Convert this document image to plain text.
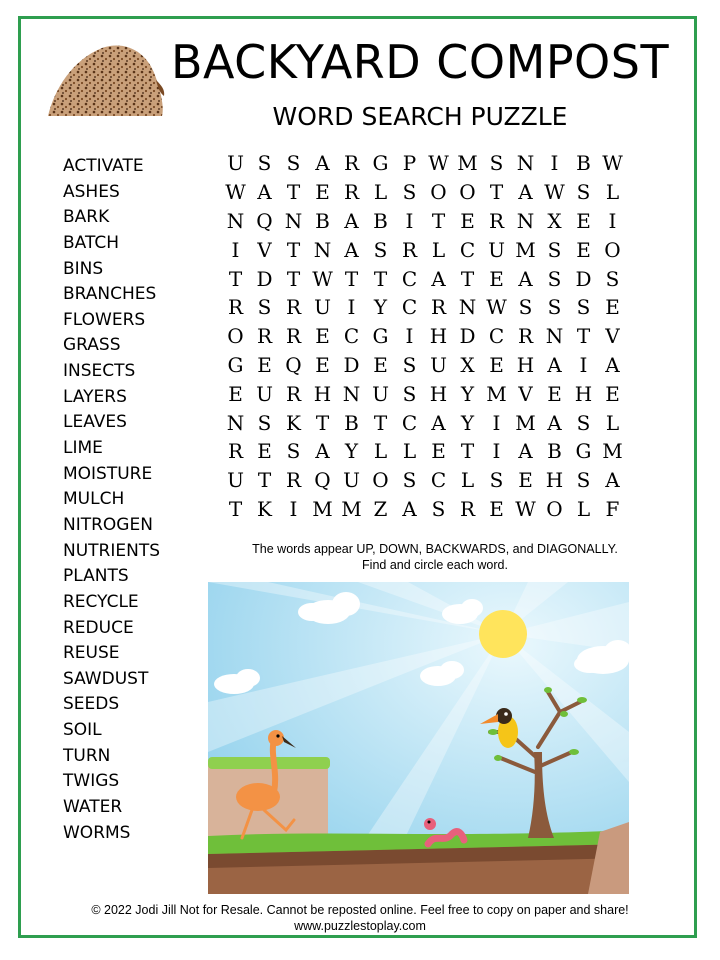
BACKYARD COMPOST
WORD SEARCH PUZZLE
ACTIVATE
ASHES
BARK
BATCH
BINS
BRANCHES
FLOWERS
GRASS
INSECTS
LAYERS
LEAVES
LIME
MOISTURE
MULCH
NITROGEN
NUTRIENTS
PLANTS
RECYCLE
REDUCE
REUSE
SAWDUST
SEEDS
SOIL
TURN
TWIGS
WATER
WORMS
U	S	S	A	R	G	P	W	M	S	N	I	B	W
W	A	T	E	R	L	S	O	O	T	A	W	S	L
N	Q	N	B	A	B	I	T	E	R	N	X	E	I
I	V	T	N	A	S	R	L	C	U	M	S	E	O
T	D	T	W	T	T	C	A	T	E	A	S	D	S
R	S	R	U	I	Y	C	R	N	W	S	S	S	E
O	R	R	E	C	G	I	H	D	C	R	N	T	V
G	E	Q	E	D	E	S	U	X	E	H	A	I	A
E	U	R	H	N	U	S	H	Y	M	V	E	H	E
N	S	K	T	B	T	C	A	Y	I	M	A	S	L
R	E	S	A	Y	L	L	E	T	I	A	B	G	M
U	T	R	Q	U	O	S	C	L	S	E	H	S	A
T	K	I	M	M	Z	A	S	R	E	W	O	L	F
The words appear UP, DOWN, BACKWARDS, and DIAGONALLY.
Find and circle each word.
© 2022 Jodi Jill Not for Resale. Cannot be reposted online. Feel free to copy on paper and share!
www.puzzlestoplay.com
